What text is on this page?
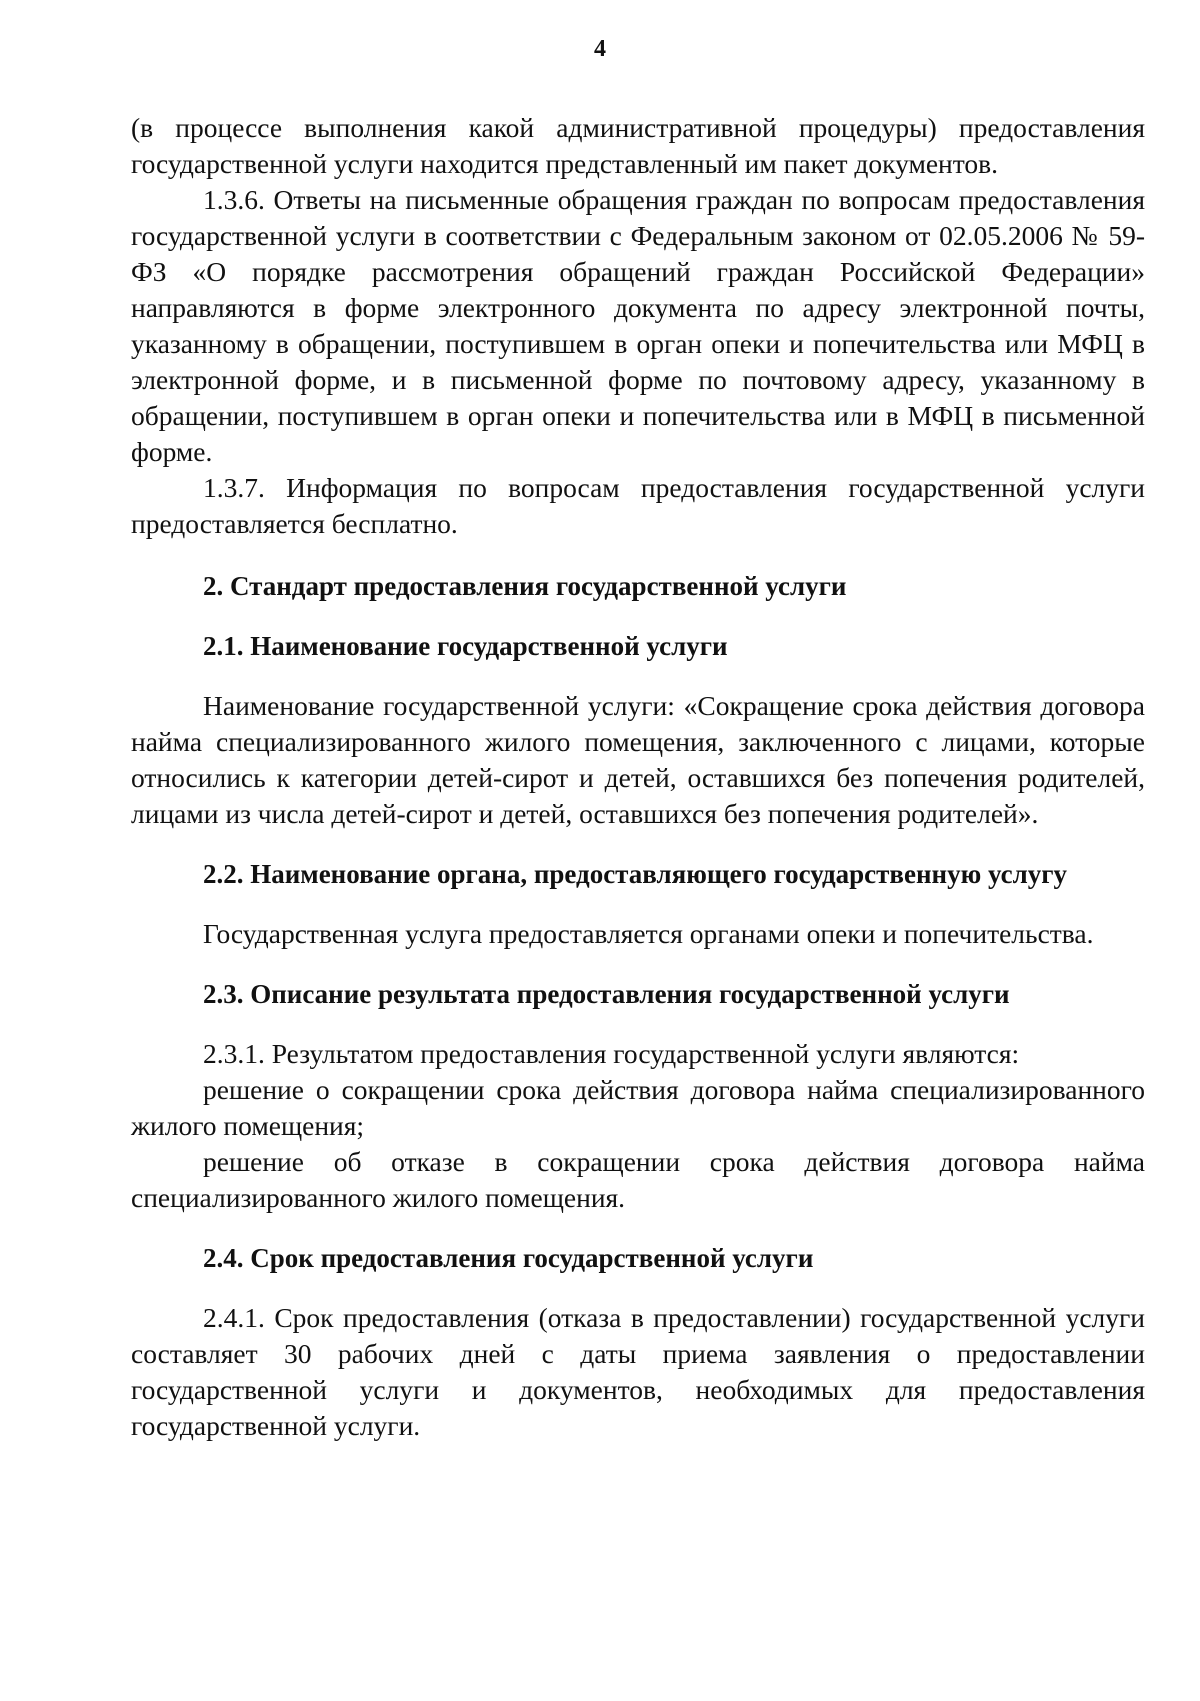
4

(в процессе выполнения какой административной процедуры) предоставления государственной услуги находится представленный им пакет документов.

1.3.6. Ответы на письменные обращения граждан по вопросам предоставления государственной услуги в соответствии с Федеральным законом от 02.05.2006 № 59-ФЗ «О порядке рассмотрения обращений граждан Российской Федерации» направляются в форме электронного документа по адресу электронной почты, указанному в обращении, поступившем в орган опеки и попечительства или МФЦ в электронной форме, и в письменной форме по почтовому адресу, указанному в обращении, поступившем в орган опеки и попечительства или в МФЦ в письменной форме.

1.3.7. Информация по вопросам предоставления государственной услуги предоставляется бесплатно.

2. Стандарт предоставления государственной услуги
2.1. Наименование государственной услуги

Наименование государственной услуги: «Сокращение срока действия договора найма специализированного жилого помещения, заключенного с лицами, которые относились к категории детей-сирот и детей, оставшихся без попечения родителей, лицами из числа детей-сирот и детей, оставшихся без попечения родителей».

2.2. Наименование органа, предоставляющего государственную услугу

Государственная услуга предоставляется органами опеки и попечительства.

2.3. Описание результата предоставления государственной услуги

2.3.1. Результатом предоставления государственной услуги являются:

решение о сокращении срока действия договора найма специализированного жилого помещения;

решение об отказе в сокращении срока действия договора найма специализированного жилого помещения.

2.4. Срок предоставления государственной услуги

2.4.1. Срок предоставления (отказа в предоставлении) государственной услуги составляет 30 рабочих дней с даты приема заявления о предоставлении государственной услуги и документов, необходимых для предоставления государственной услуги.
